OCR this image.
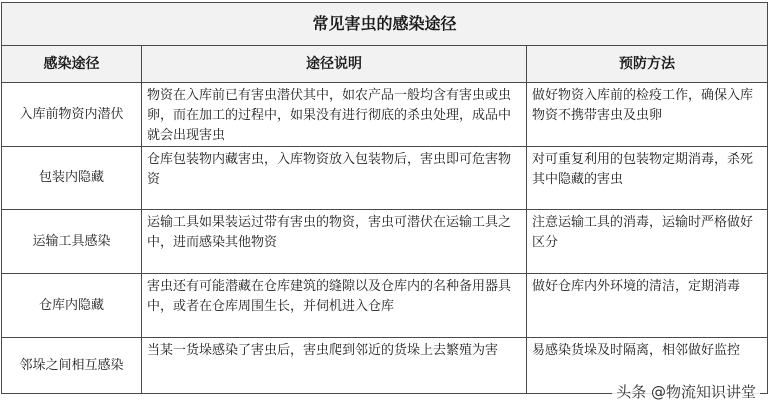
常见害虫的感染途径		
感染途径	途径说明	预防方法
入库前物资内潜伏	物资在入库前已有害虫潜伏其中，如农产品一般均含有害虫或虫卵，而在加工的过程中，如果没有进行彻底的杀虫处理，成品中就会出现害虫	做好物资入库前的检疫工作，确保入库物资不携带害虫及虫卵
包装内隐藏	仓库包装物内藏害虫，入库物资放入包装物后，害虫即可危害物资	对可重复利用的包装物定期消毒，杀死其中隐藏的害虫
运输工具感染	运输工具如果装运过带有害虫的物资，害虫可潜伏在运输工具之中，进而感染其他物资	注意运输工具的消毒，运输时严格做好区分
仓库内隐藏	害虫还有可能潜藏在仓库建筑的缝隙以及仓库内的名种备用器具中，或者在仓库周围生长，并伺机进入仓库	做好仓库内外环境的清洁，定期消毒
邻垛之间相互感染	当某一货垛感染了害虫后，害虫爬到邻近的货垛上去繁殖为害	易感染货垛及时隔离，相邻做好监控
头条 @物流知识讲堂
